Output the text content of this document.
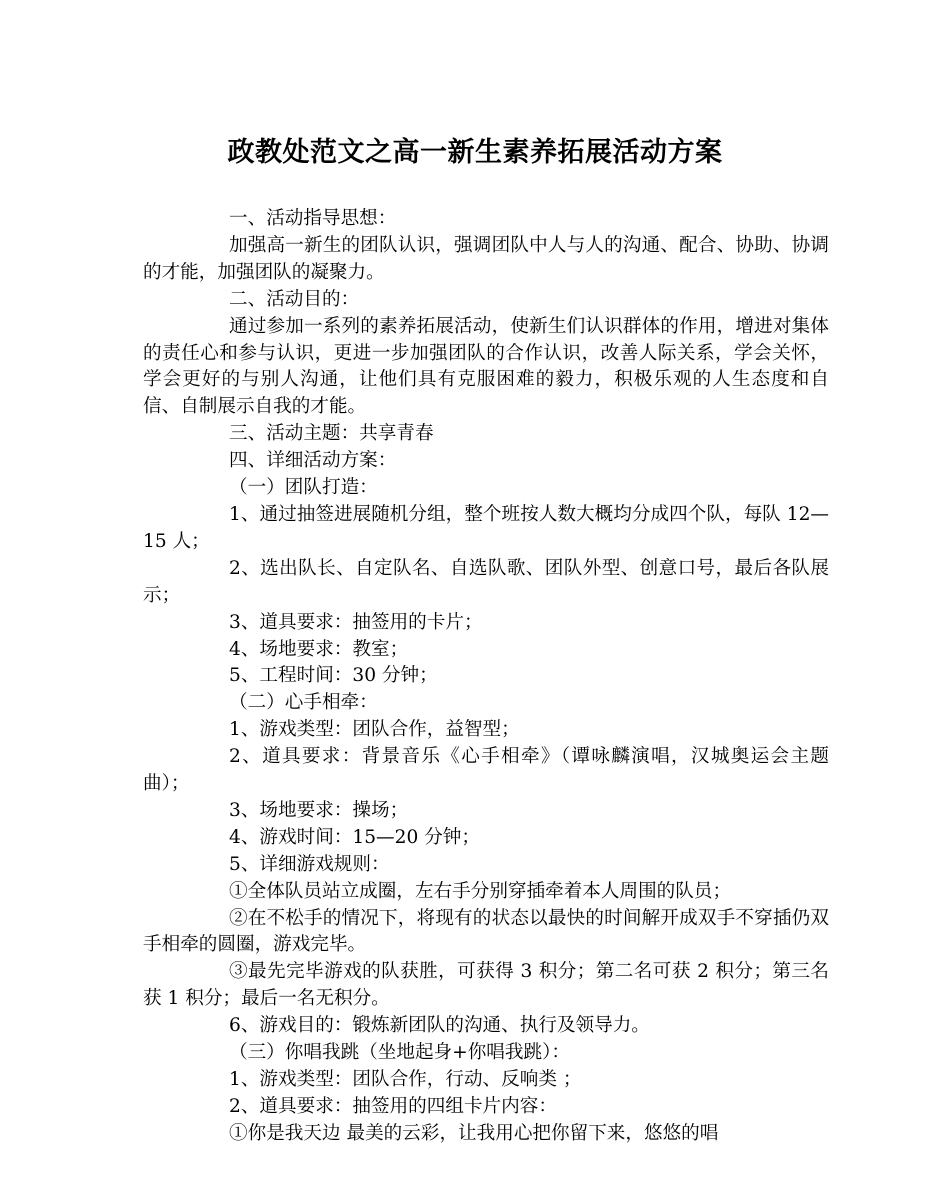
政教处范文之高一新生素养拓展活动方案

一、活动指导思想：

加强高一新生的团队认识，强调团队中人与人的沟通、配合、协助、协调的才能，加强团队的凝聚力。

二、活动目的：

通过参加一系列的素养拓展活动，使新生们认识群体的作用，增进对集体的责任心和参与认识，更进一步加强团队的合作认识，改善人际关系，学会关怀，学会更好的与别人沟通，让他们具有克服困难的毅力，积极乐观的人生态度和自信、自制展示自我的才能。

三、活动主题：共享青春

四、详细活动方案：

（一）团队打造：

1、通过抽签进展随机分组，整个班按人数大概均分成四个队，每队 12—15 人；

2、选出队长、自定队名、自选队歌、团队外型、创意口号，最后各队展示；

3、道具要求：抽签用的卡片；

4、场地要求：教室；

5、工程时间：30 分钟；

（二）心手相牵：

1、游戏类型：团队合作，益智型；

2、道具要求：背景音乐《心手相牵》（谭咏麟演唱，汉城奥运会主题曲）；

3、场地要求：操场；

4、游戏时间：15—20 分钟；

5、详细游戏规则：

①全体队员站立成圈，左右手分别穿插牵着本人周围的队员；

②在不松手的情况下，将现有的状态以最快的时间解开成双手不穿插仍双手相牵的圆圈，游戏完毕。

③最先完毕游戏的队获胜，可获得 3 积分；第二名可获 2 积分；第三名获 1 积分；最后一名无积分。

6、游戏目的：锻炼新团队的沟通、执行及领导力。

（三）你唱我跳（坐地起身+你唱我跳）：

1、游戏类型：团队合作，行动、反响类 ；

2、道具要求：抽签用的四组卡片内容：

①你是我天边 最美的云彩，让我用心把你留下来，悠悠的唱
